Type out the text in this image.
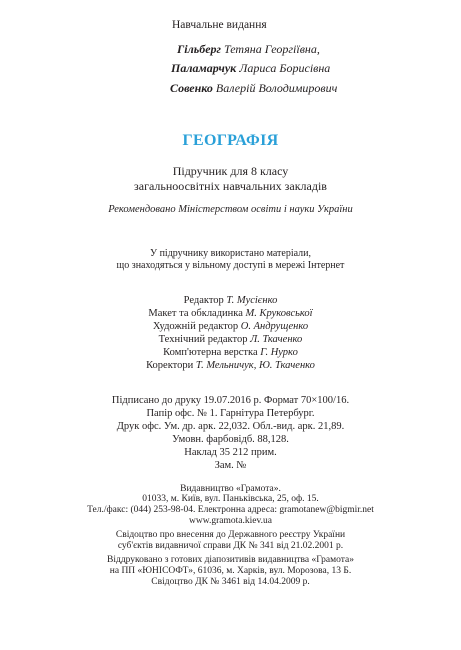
Навчальне видання
Гільберг Тетяна Георгіївна,
Паламарчук Лариса Борисівна
Совенко Валерій Володимирович
ГЕОГРАФІЯ
Підручник для 8 класу
загальноосвітніх навчальних закладів
Рекомендовано Міністерством освіти і науки України
У підручнику використано матеріали,
що знаходяться у вільному доступі в мережі Інтернет
Редактор Т. Мусієнко
Макет та обкладинка М. Круковської
Художній редактор О. Андрущенко
Технічний редактор Л. Ткаченко
Комп'ютерна верстка Г. Нурко
Коректори Т. Мельничук, Ю. Ткаченко
Підписано до друку 19.07.2016 р. Формат 70×100/16.
Папір офс. № 1. Гарнітура Петербург.
Друк офс. Ум. др. арк. 22,032. Обл.-вид. арк. 21,89.
Умовн. фарбовідб. 88,128.
Наклад 35 212 прим.
Зам. №
Видавництво «Грамота».
01033, м. Київ, вул. Паньківська, 25, оф. 15.
Тел./факс: (044) 253-98-04. Електронна адреса: gramotanew@bigmir.net
www.gramota.kiev.ua
Свідоцтво про внесення до Державного реєстру України
суб'єктів видавничої справи ДК № 341 від 21.02.2001 р.
Віддруковано з готових діапозитивів видавництва «Грамота»
на ПП «ЮНІСОФТ», 61036, м. Харків, вул. Морозова, 13 Б.
Свідоцтво ДК № 3461 від 14.04.2009 р.
